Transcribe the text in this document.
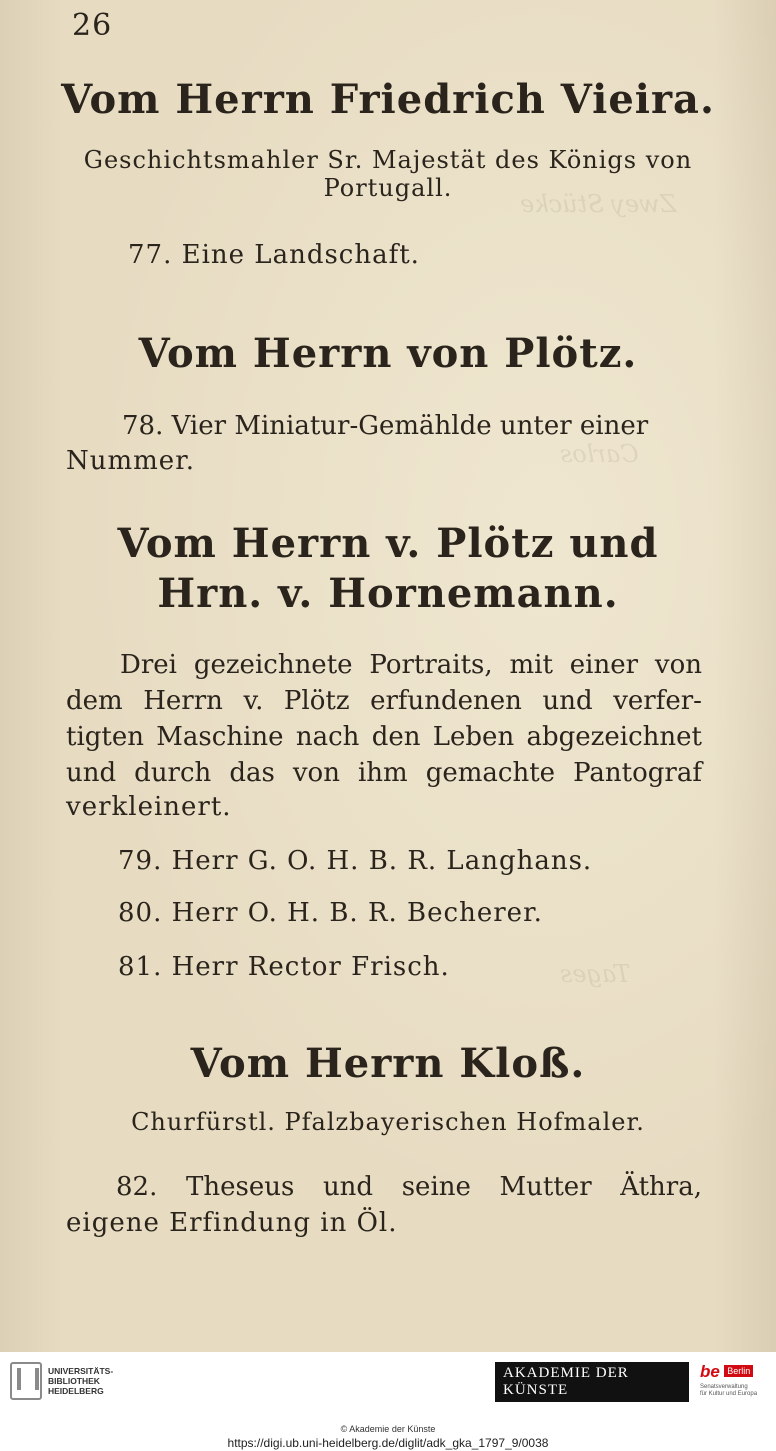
Zwey Stücke
Carlos
Tages
26
Vom Herrn Friedrich Vieira.
Geschichtsmahler Sr. Majestät des Königs von
Portugall.
77. Eine Landschaft.
Vom Herrn von Plötz.
78. Vier Miniatur-Gemählde unter einer
Nummer.
Vom Herrn v. Plötz und
Hrn. v. Hornemann.
Drei gezeichnete Portraits, mit einer von
dem Herrn v. Plötz erfundenen und verfer-
tigten Maschine nach den Leben abgezeichnet
und durch das von ihm gemachte Pantograf
verkleinert.
79. Herr G. O. H. B. R. Langhans.
80. Herr O. H. B. R. Becherer.
81. Herr Rector Frisch.
Vom Herrn Kloß.
Churfürstl. Pfalzbayerischen Hofmaler.
82. Theseus und seine Mutter Äthra,
eigene Erfindung in Öl.
UNIVERSITÄTS-
BIBLIOTHEK
HEIDELBERG
AKADEMIE DER KÜNSTE
be Berlin
Senatsverwaltung
für Kultur und Europa
© Akademie der Künste
https://digi.ub.uni-heidelberg.de/diglit/adk_gka_1797_9/0038
